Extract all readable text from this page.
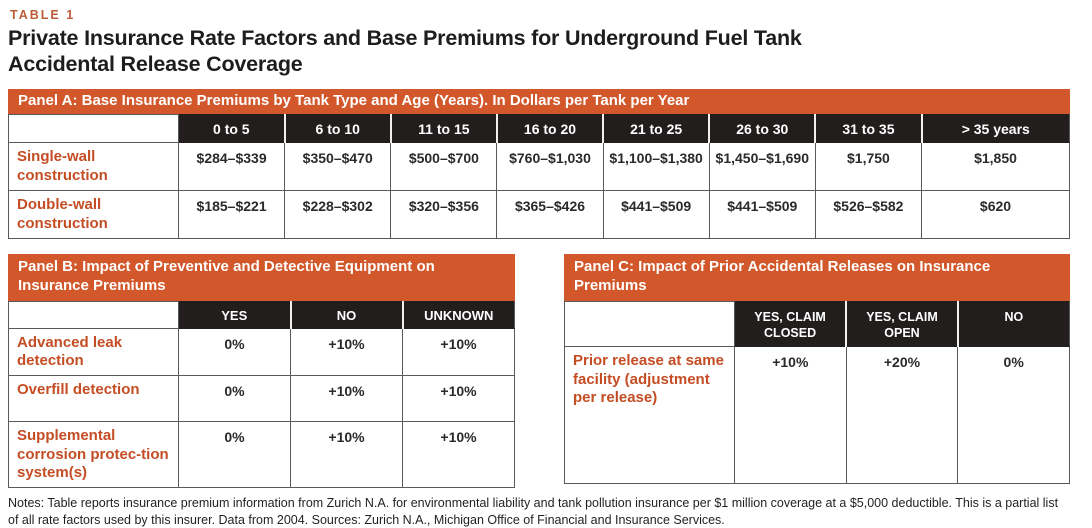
TABLE 1
Private Insurance Rate Factors and Base Premiums for Underground Fuel Tank Accidental Release Coverage
Panel A: Base Insurance Premiums by Tank Type and Age (Years). In Dollars per Tank per Year
	0 to 5	6 to 10	11 to 15	16 to 20	21 to 25	26 to 30	31 to 35	> 35 years
Single-wall construction	$284–$339	$350–$470	$500–$700	$760–$1,030	$1,100–$1,380	$1,450–$1,690	$1,750	$1,850
Double-wall construction	$185–$221	$228–$302	$320–$356	$365–$426	$441–$509	$441–$509	$526–$582	$620
Panel B: Impact of Preventive and Detective Equipment on Insurance Premiums
	YES	NO	UNKNOWN
Advanced leak detection	0%	+10%	+10%
Overfill detection	0%	+10%	+10%
Supplemental corrosion protec-tion system(s)	0%	+10%	+10%
Panel C: Impact of Prior Accidental Releases on Insurance Premiums
	YES, CLAIM CLOSED	YES, CLAIM OPEN	NO
Prior release at same facility (adjustment per release)	+10%	+20%	0%
Notes: Table reports insurance premium information from Zurich N.A. for environmental liability and tank pollution insurance per $1 million coverage at a $5,000 deductible. This is a partial list of all rate factors used by this insurer. Data from 2004. Sources: Zurich N.A., Michigan Office of Financial and Insurance Services.
